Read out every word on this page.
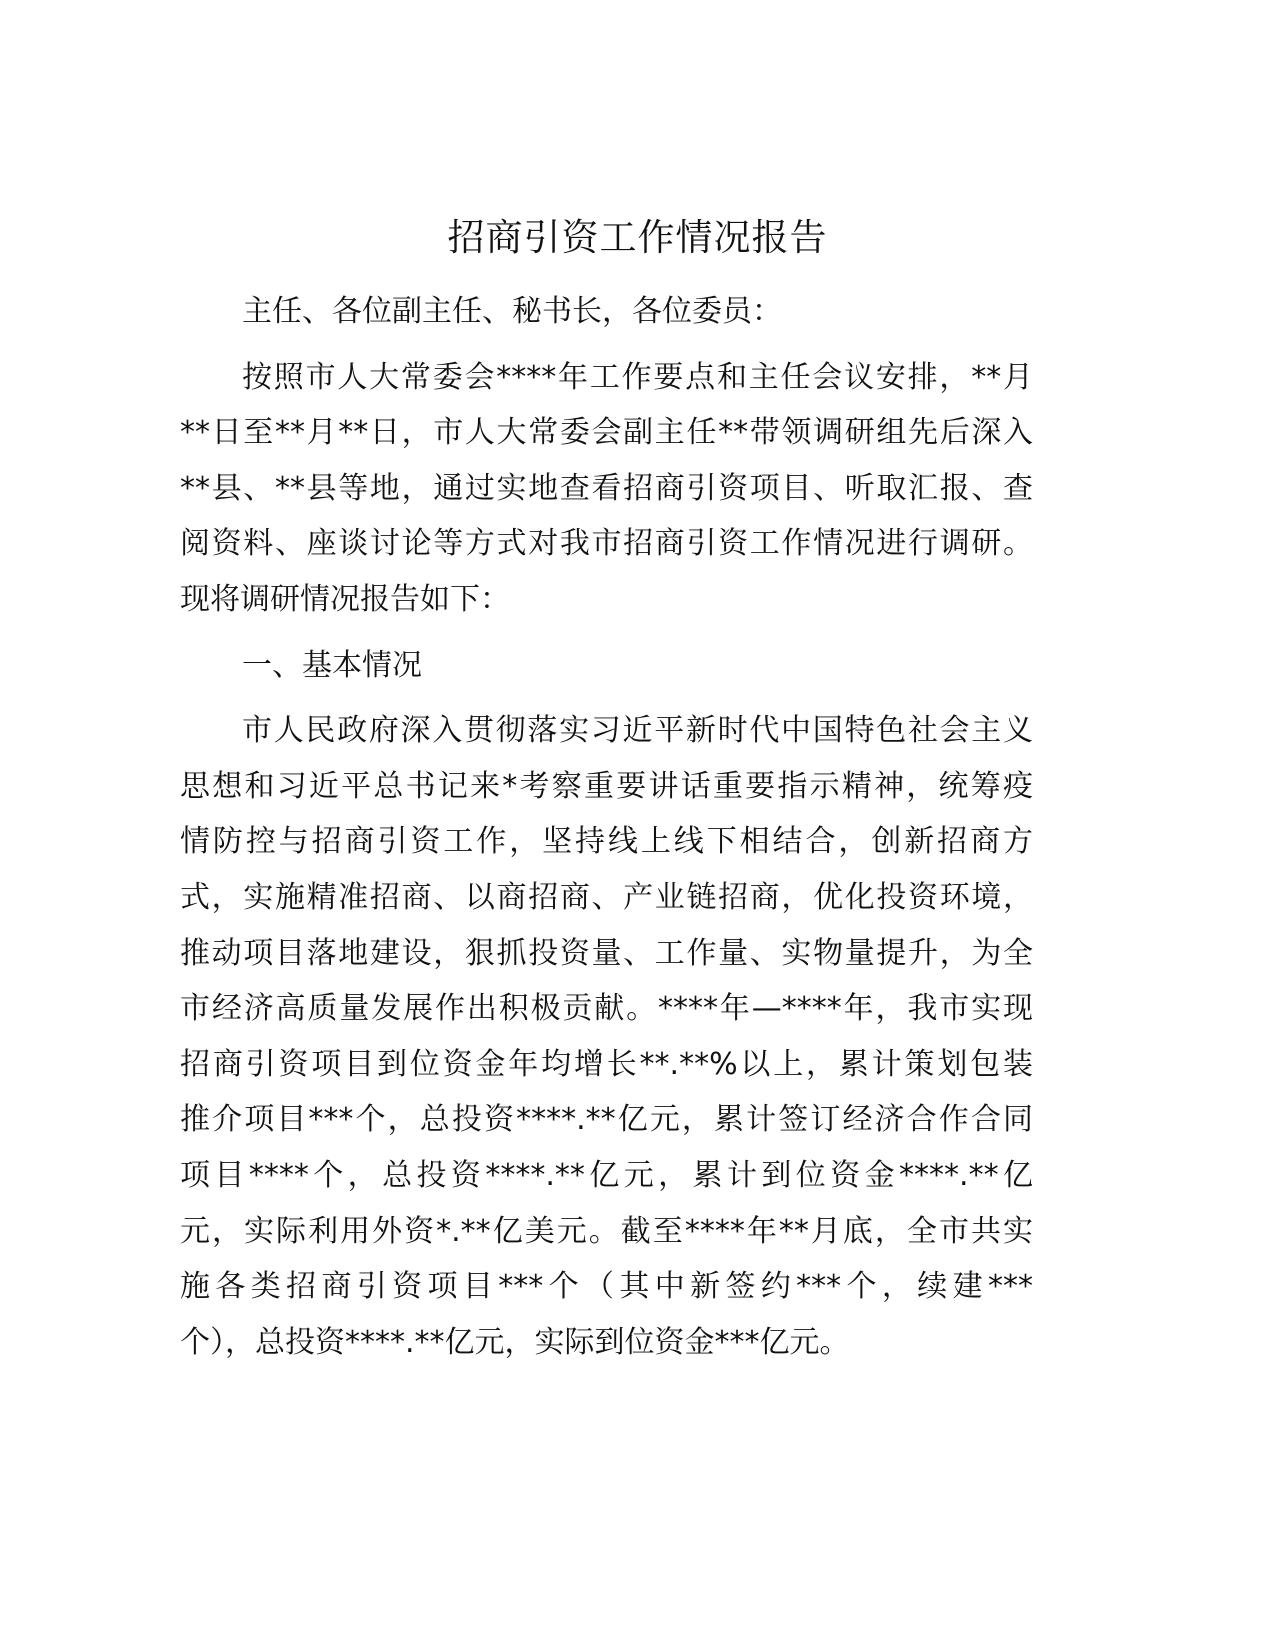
招商引资工作情况报告
主任、各位副主任、秘书长，各位委员：
按照市人大常委会****年工作要点和主任会议安排，**月
**日至**月**日，市人大常委会副主任**带领调研组先后深入
**县、**县等地，通过实地查看招商引资项目、听取汇报、查
阅资料、座谈讨论等方式对我市招商引资工作情况进行调研。
现将调研情况报告如下：
一、基本情况
市人民政府深入贯彻落实习近平新时代中国特色社会主义
思想和习近平总书记来*考察重要讲话重要指示精神，统筹疫
情防控与招商引资工作，坚持线上线下相结合，创新招商方
式，实施精准招商、以商招商、产业链招商，优化投资环境，
推动项目落地建设，狠抓投资量、工作量、实物量提升，为全
市经济高质量发展作出积极贡献。****年—****年，我市实现
招商引资项目到位资金年均增长**.**%以上，累计策划包装
推介项目***个，总投资****.**亿元，累计签订经济合作合同
项目****个，总投资****.**亿元，累计到位资金****.**亿
元，实际利用外资*.**亿美元。截至****年**月底，全市共实
施各类招商引资项目***个（其中新签约***个，续建***
个），总投资****.**亿元，实际到位资金***亿元。
